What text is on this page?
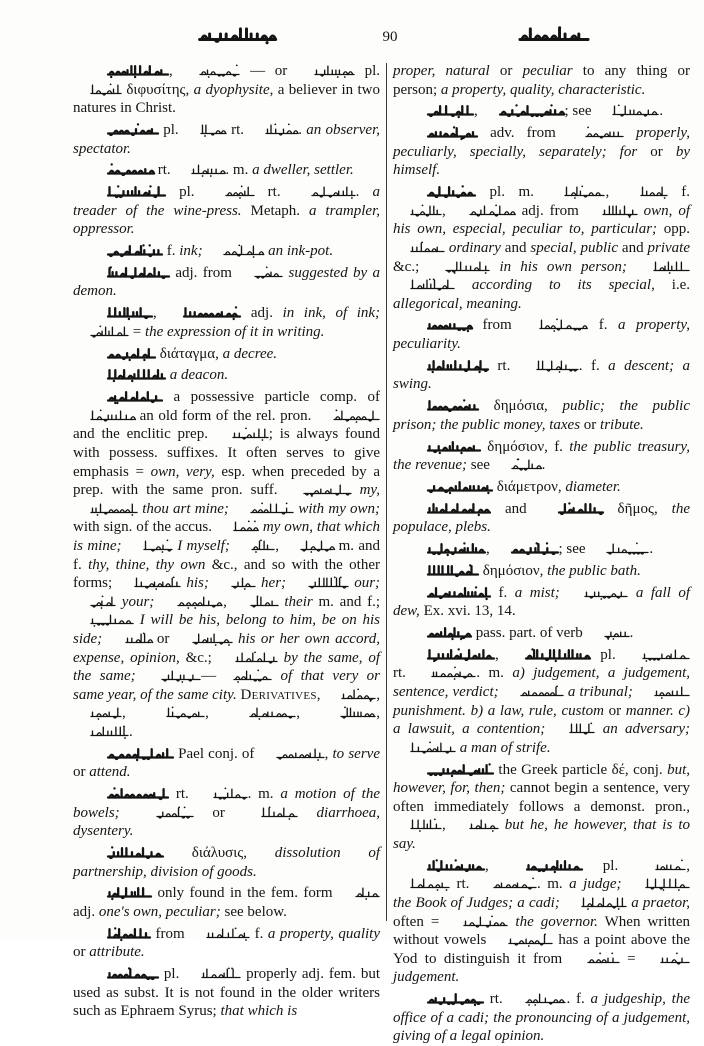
90

,	— or	pl.  διφυσίτης, a dyophysite, a believer in two natures in Christ.

pl.	rt.	. an observer, spectator.

rt.	. m. a dweller, settler.

pl.	rt.	. a treader of the wine-press. Metaph. a trampler, oppressor.

f. ink;	an ink-pot.

adj. from	suggested by a demon.

,	adj. in ink, of ink;  = the expression of it in writing.

διάταγμα, a decree.

a deacon.

a possessive particle comp. of  an old form of the rel. pron.  and the enclitic prep.	; is always found with possess. suffixes. It often serves to give emphasis = own, very, esp. when preceded by a prep. with the same pron. suff.	my,  thou art mine;	with my own; with sign. of the accus.	my own, that which is mine;	I myself;	,	m. and f. thy, thine, thy own &c., and so with the other forms;	his;	her;	our;  your;	,	their m. and f.;  I will be his, belong to him, be on his side;	or	his or her own accord, expense, opinion, &c.;	by the same, of the same;	—	of that very or same year, of the same city. Derivatives,	, ,	,	,	, .

Pael conj. of	, to serve or attend.

rt.	. m. a motion of the bowels;	or	diarrhoea, dysentery.

διάλυσις, dissolution of partnership, division of goods.

only found in the fem. form  adj. one's own, peculiar; see below.

from	f. a property, quality or attribute.

pl.	properly adj. fem. but used as subst. It is not found in the older writers such as Ephraem Syrus; that which is

proper, natural or peculiar to any thing or person; a property, quality, characteristic.

,	; see	.

adv. from	properly, peculiarly, specially, separately; for or by himself.

pl. m.	,	f. ,	adj. from	own, of his own, especial, peculiar to, particular; opp.  ordinary and special, public and private &c.;	in his own person;   according to its special, i.e. allegorical, meaning.

from	f. a property, peculiarity.

rt.	. f. a descent; a swing.

δημόσια, public; the public prison; the public money, taxes or tribute.

δημόσιον, f. the public treasury, the revenue; see	.

διάμετρον, diameter.

and	δῆμος, the populace, plebs.

,	; see	.

δημόσιον, the public bath.

f. a mist;	a fall of dew, Ex. xvi. 13, 14.

pass. part. of verb	.

,	pl.  rt.	. m. a) judgement, a judgement, sentence, verdict;	a tribunal;  punishment. b) a law, rule, custom or manner. c) a lawsuit, a contention;	an adversary;  a man of strife.

the Greek particle δέ, conj. but, however, for, then; cannot begin a sentence, very often immediately follows a demonst. pron., ,	but he, he however, that is to say.

,	pl.	,  rt.	. m. a judge;  the Book of Judges; a cadi;	a praetor, often =	the governor. When written without vowels	has a point above the Yod to distinguish it from	=  judgement.

rt.	. f. a judgeship, the office of a cadi; the pronouncing of a judgement, giving of a legal opinion.
